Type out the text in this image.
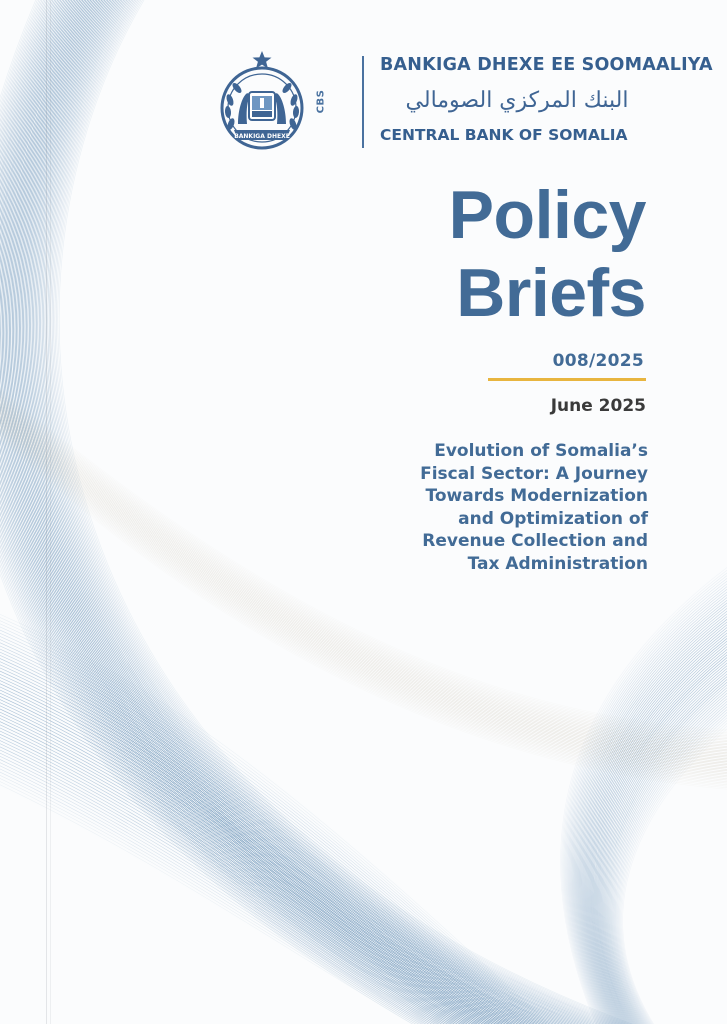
BANKIGA DHEXE
CBS
BANKIGA DHEXE EE SOOMAALIYA
البنك المركزي الصومالي
CENTRAL BANK OF SOMALIA
Policy
Briefs
008/2025
June 2025
Evolution of Somalia’s
Fiscal Sector: A Journey
Towards Modernization
and Optimization of
Revenue Collection and
Tax Administration
